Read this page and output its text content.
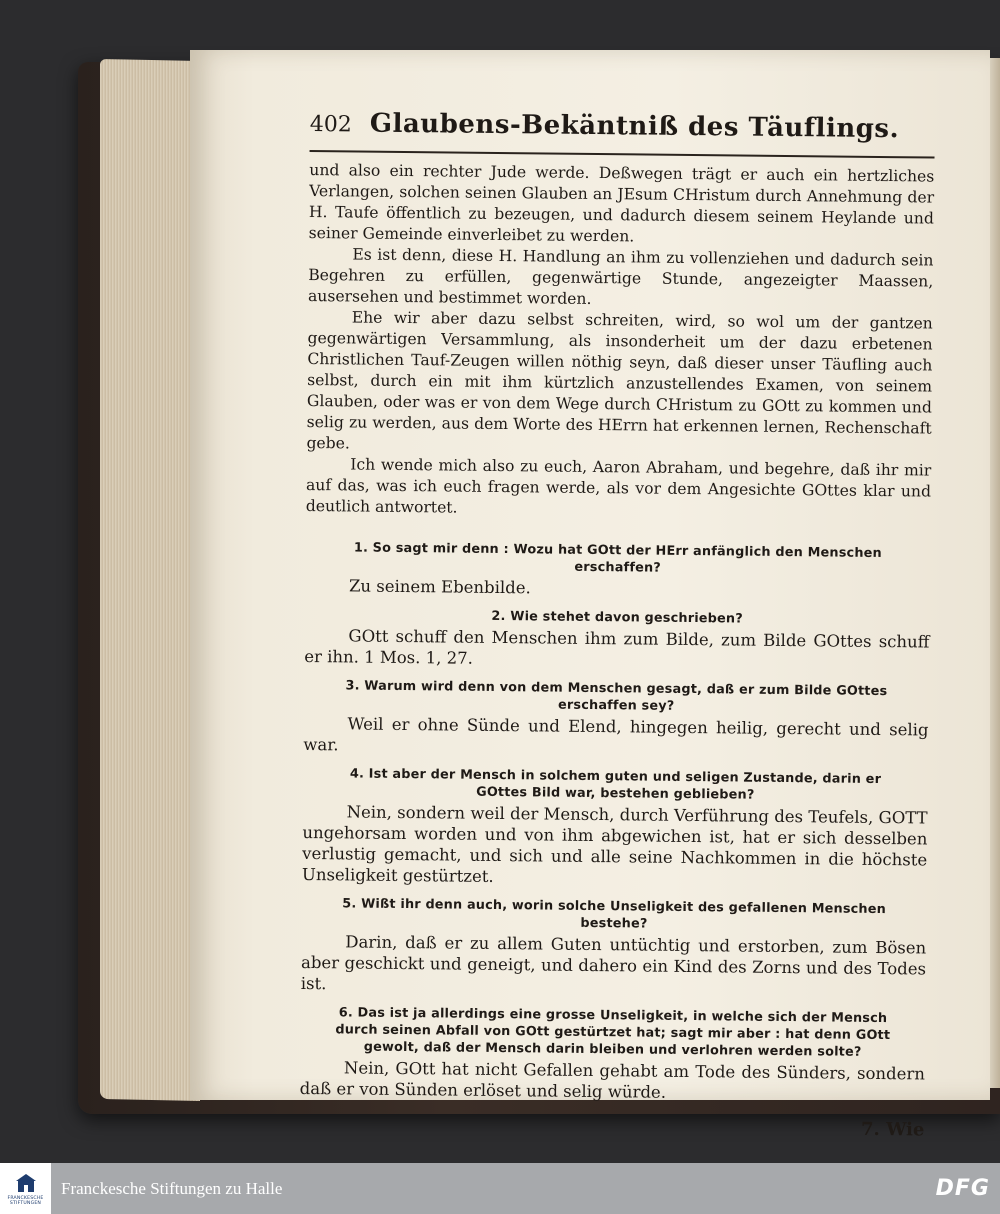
402 Glaubens-Bekäntniß des Täuflings.

und also ein rechter Jude werde. Deßwegen trägt er auch ein hertzliches Verlangen, solchen seinen Glauben an JEsum CHristum durch Annehmung der H. Taufe öffentlich zu bezeugen, und dadurch diesem seinem Heylande und seiner Gemeinde einverleibet zu werden.

Es ist denn, diese H. Handlung an ihm zu vollenziehen und dadurch sein Begehren zu erfüllen, gegenwärtige Stunde, angezeigter Maassen, ausersehen und bestimmet worden.

Ehe wir aber dazu selbst schreiten, wird, so wol um der gantzen gegenwärtigen Versammlung, als insonderheit um der dazu erbetenen Christlichen Tauf-Zeugen willen nöthig seyn, daß dieser unser Täufling auch selbst, durch ein mit ihm kürtzlich anzustellendes Examen, von seinem Glauben, oder was er von dem Wege durch CHristum zu GOtt zu kommen und selig zu werden, aus dem Worte des HErrn hat erkennen lernen, Rechenschaft gebe.

Ich wende mich also zu euch, Aaron Abraham, und begehre, daß ihr mir auf das, was ich euch fragen werde, als vor dem Angesichte GOttes klar und deutlich antwortet.

1. So sagt mir denn : Wozu hat GOtt der HErr anfänglich den Menschen erschaffen?
Zu seinem Ebenbilde.
2. Wie stehet davon geschrieben?
GOtt schuff den Menschen ihm zum Bilde, zum Bilde GOttes schuff er ihn. 1 Mos. 1, 27.
3. Warum wird denn von dem Menschen gesagt, daß er zum Bilde GOttes erschaffen sey?
Weil er ohne Sünde und Elend, hingegen heilig, gerecht und selig war.
4. Ist aber der Mensch in solchem guten und seligen Zustande, darin er GOttes Bild war, bestehen geblieben?
Nein, sondern weil der Mensch, durch Verführung des Teufels, GOTT ungehorsam worden und von ihm abgewichen ist, hat er sich desselben verlustig gemacht, und sich und alle seine Nachkommen in die höchste Unseligkeit gestürtzet.
5. Wißt ihr denn auch, worin solche Unseligkeit des gefallenen Menschen bestehe?
Darin, daß er zu allem Guten untüchtig und erstorben, zum Bösen aber geschickt und geneigt, und dahero ein Kind des Zorns und des Todes ist.
6. Das ist ja allerdings eine grosse Unseligkeit, in welche sich der Mensch durch seinen Abfall von GOtt gestürtzet hat; sagt mir aber : hat denn GOtt gewolt, daß der Mensch darin bleiben und verlohren werden solte?
Nein, GOtt hat nicht Gefallen gehabt am Tode des Sünders, sondern daß er von Sünden erlöset und selig würde.
7. Wie
FRANCKESCHE STIFTUNGEN
Franckesche Stiftungen zu Halle	DFG
